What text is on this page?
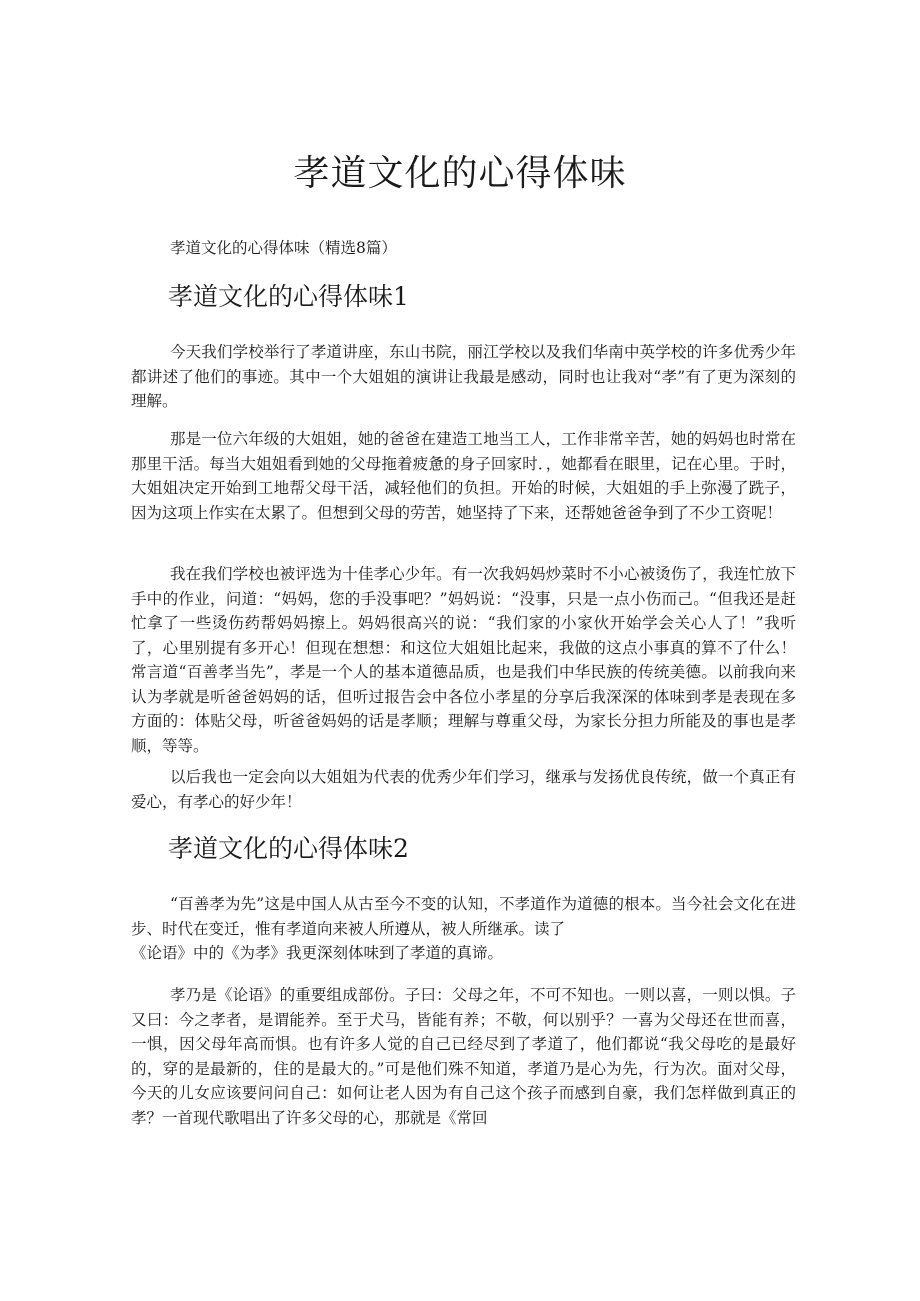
孝道文化的心得体味

孝道文化的心得体味（精选8篇）

孝道文化的心得体味1

今天我们学校举行了孝道讲座，东山书院，丽江学校以及我们华南中英学校的许多优秀少年都讲述了他们的事迹。其中一个大姐姐的演讲让我最是感动，同时也让我对“孝”有了更为深刻的理解。

那是一位六年级的大姐姐，她的爸爸在建造工地当工人，工作非常辛苦，她的妈妈也时常在那里干活。每当大姐姐看到她的父母拖着疲惫的身子回家时．，她都看在眼里，记在心里。于时，大姐姐决定开始到工地帮父母干活，减轻他们的负担。开始的时候，大姐姐的手上弥漫了跣子，因为这项上作实在太累了。但想到父母的劳苦，她坚持了下来，还帮她爸爸争到了不少工资呢！

我在我们学校也被评选为十佳孝心少年。有一次我妈妈炒菜时不小心被烫伤了，我连忙放下手中的作业，问道：“妈妈，您的手没事吧？”妈妈说：“没事，只是一点小伤而己。“但我还是赶忙拿了一些烫伤药帮妈妈擦上。妈妈很高兴的说：“我们家的小家伙开始学会关心人了！”我听了，心里别提有多开心！但现在想想：和这位大姐姐比起来，我做的这点小事真的算不了什么！常言道“百善孝当先”，孝是一个人的基本道德品质，也是我们中华民族的传统美德。以前我向来认为孝就是听爸爸妈妈的话，但听过报告会中各位小孝星的分享后我深深的体味到孝是表现在多方面的：体贴父母，听爸爸妈妈的话是孝顺；理解与尊重父母，为家长分担力所能及的事也是孝顺，等等。

以后我也一定会向以大姐姐为代表的优秀少年们学习，继承与发扬优良传统，做一个真正有爱心，有孝心的好少年！

孝道文化的心得体味2

“百善孝为先”这是中国人从古至今不变的认知，不孝道作为道德的根本。当今社会文化在进步、时代在变迁，惟有孝道向来被人所遵从，被人所继承。读了

《论语》中的《为孝》我更深刻体味到了孝道的真谛。

孝乃是《论语》的重要组成部份。子曰：父母之年，不可不知也。一则以喜，一则以惧。子又曰：今之孝者，是谓能养。至于犬马，皆能有养；不敬，何以别乎？一喜为父母还在世而喜，一惧，因父母年高而惧。也有许多人觉的自己已经尽到了孝道了，他们都说“我父母吃的是最好的，穿的是最新的，住的是最大的。”可是他们殊不知道，孝道乃是心为先，行为次。面对父母，今天的儿女应该要问问自己：如何让老人因为有自己这个孩子而感到自豪，我们怎样做到真正的孝？一首现代歌唱出了许多父母的心，那就是《常回
